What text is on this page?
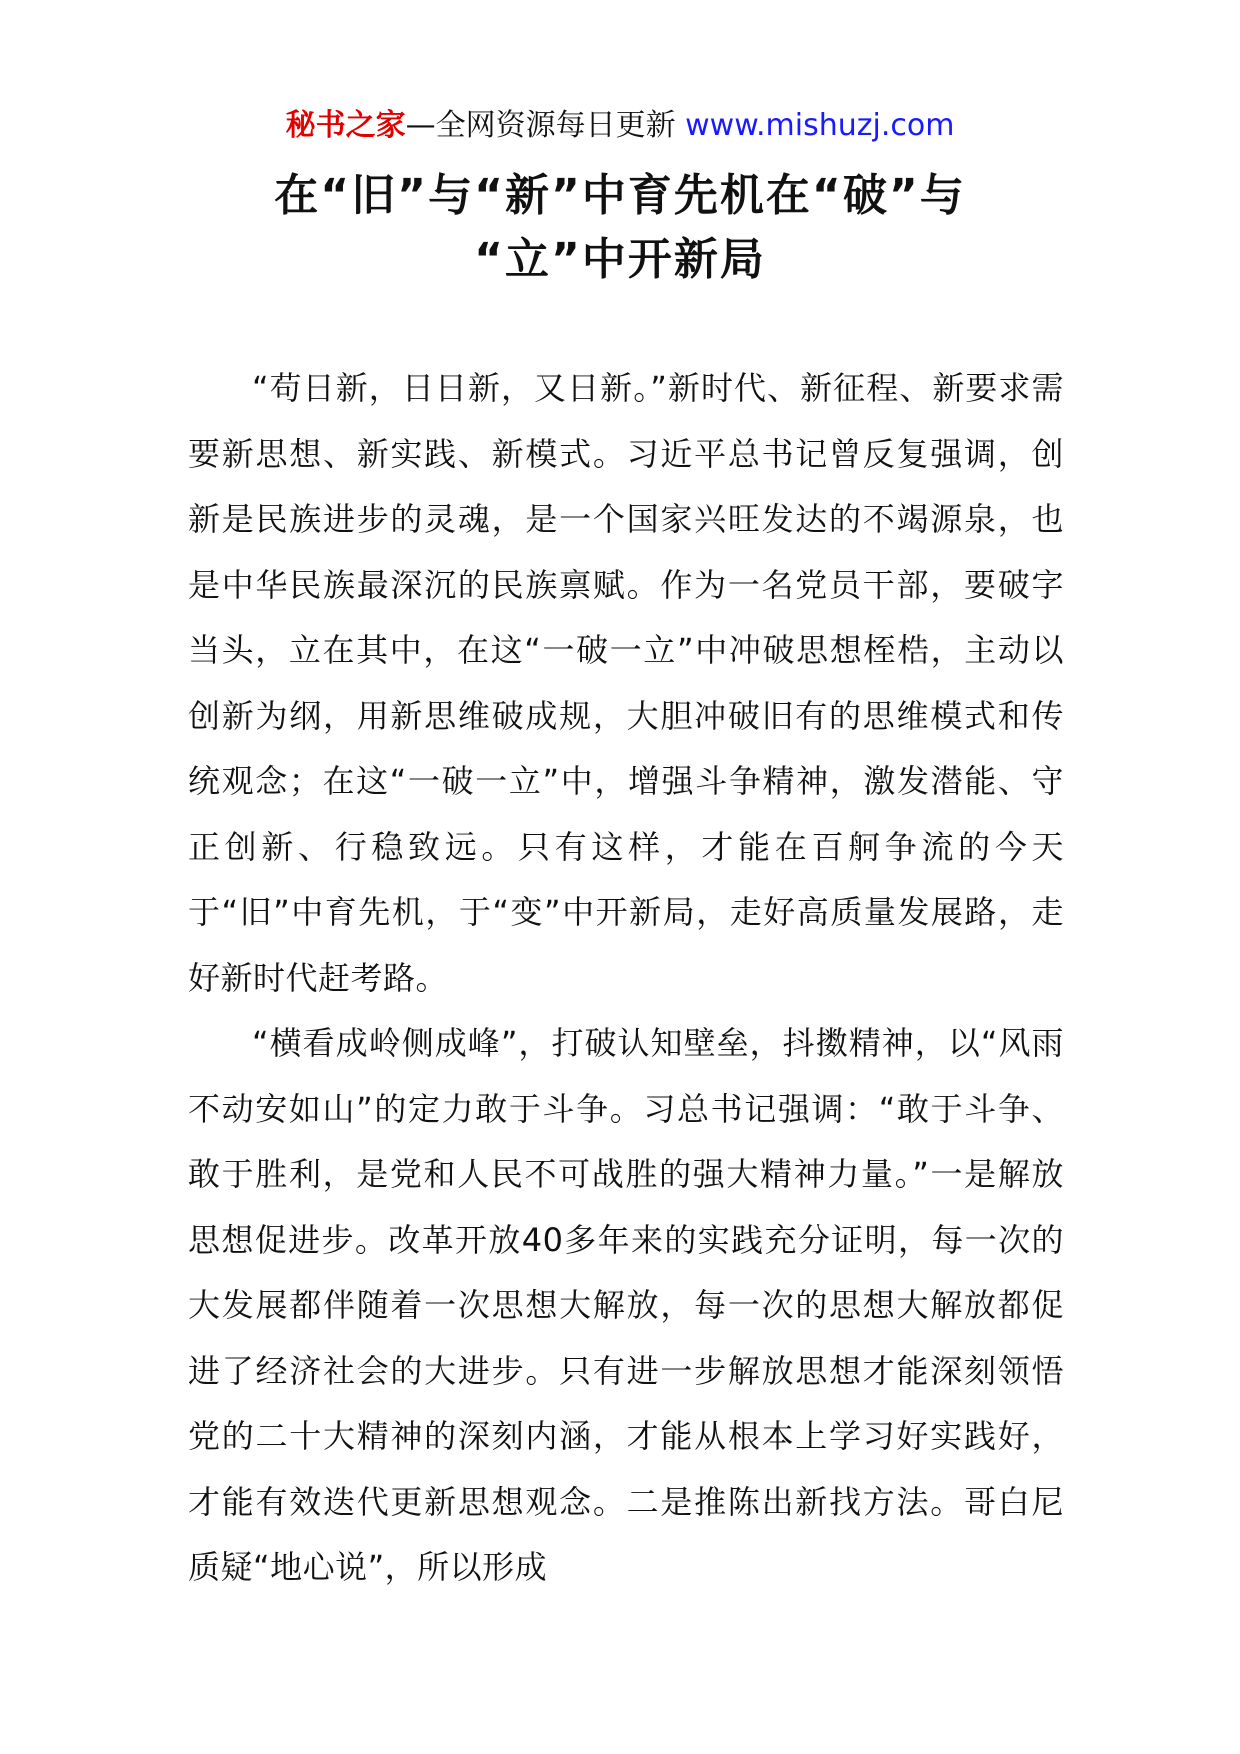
秘书之家—全网资源每日更新 www.mishuzj.com
在“旧”与“新”中育先机在“破”与
“立”中开新局

“苟日新，日日新，又日新。”新时代、新征程、新要求需要新思想、新实践、新模式。习近平总书记曾反复强调，创新是民族进步的灵魂，是一个国家兴旺发达的不竭源泉，也是中华民族最深沉的民族禀赋。作为一名党员干部，要破字当头，立在其中，在这“一破一立”中冲破思想桎梏，主动以创新为纲，用新思维破成规，大胆冲破旧有的思维模式和传统观念；在这“一破一立”中，增强斗争精神，激发潜能、守正创新、行稳致远。只有这样，才能在百舸争流的今天于“旧”中育先机，于“变”中开新局，走好高质量发展路，走好新时代赶考路。

“横看成岭侧成峰”，打破认知壁垒，抖擞精神，以“风雨不动安如山”的定力敢于斗争。习总书记强调：“敢于斗争、敢于胜利，是党和人民不可战胜的强大精神力量。”一是解放思想促进步。改革开放40多年来的实践充分证明，每一次的大发展都伴随着一次思想大解放，每一次的思想大解放都促进了经济社会的大进步。只有进一步解放思想才能深刻领悟党的二十大精神的深刻内涵，才能从根本上学习好实践好，才能有效迭代更新思想观念。二是推陈出新找方法。哥白尼质疑“地心说”，所以形成
